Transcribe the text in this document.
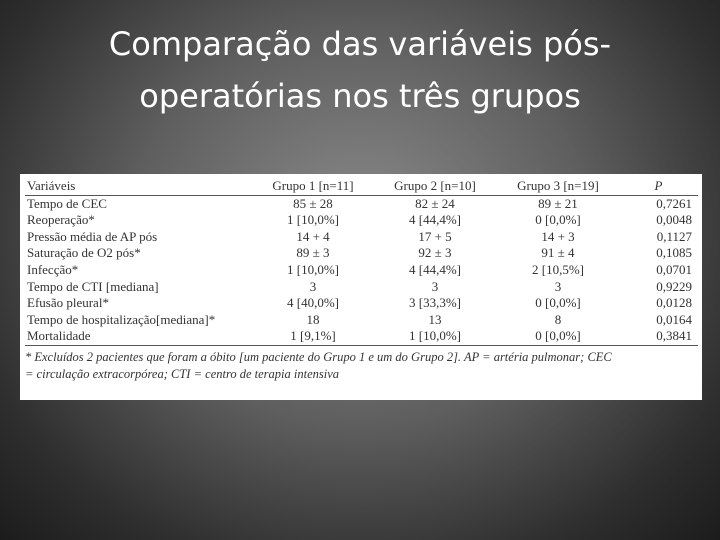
Comparação das variáveis pós-
operatórias nos três grupos
Variáveis	Grupo 1 [n=11]	Grupo 2 [n=10]	Grupo 3 [n=19]	P
Tempo de CEC	85 ± 28	82 ± 24	89 ± 21	0,7261
Reoperação*	1 [10,0%]	4 [44,4%]	0 [0,0%]	0,0048
Pressão média de AP pós	14 + 4	17 + 5	14 + 3	0,1127
Saturação de O2 pós*	89 ± 3	92 ± 3	91 ± 4	0,1085
Infecção*	1 [10,0%]	4 [44,4%]	2 [10,5%]	0,0701
Tempo de CTI [mediana]	3	3	3	0,9229
Efusão pleural*	4 [40,0%]	3 [33,3%]	0 [0,0%]	0,0128
Tempo de hospitalização[mediana]*	18	13	8	0,0164
Mortalidade	1 [9,1%]	1 [10,0%]	0 [0,0%]	0,3841
* Excluídos 2 pacientes que foram a óbito [um paciente do Grupo 1 e um do Grupo 2]. AP = artéria pulmonar; CEC
= circulação extracorpórea; CTI = centro de terapia intensiva
